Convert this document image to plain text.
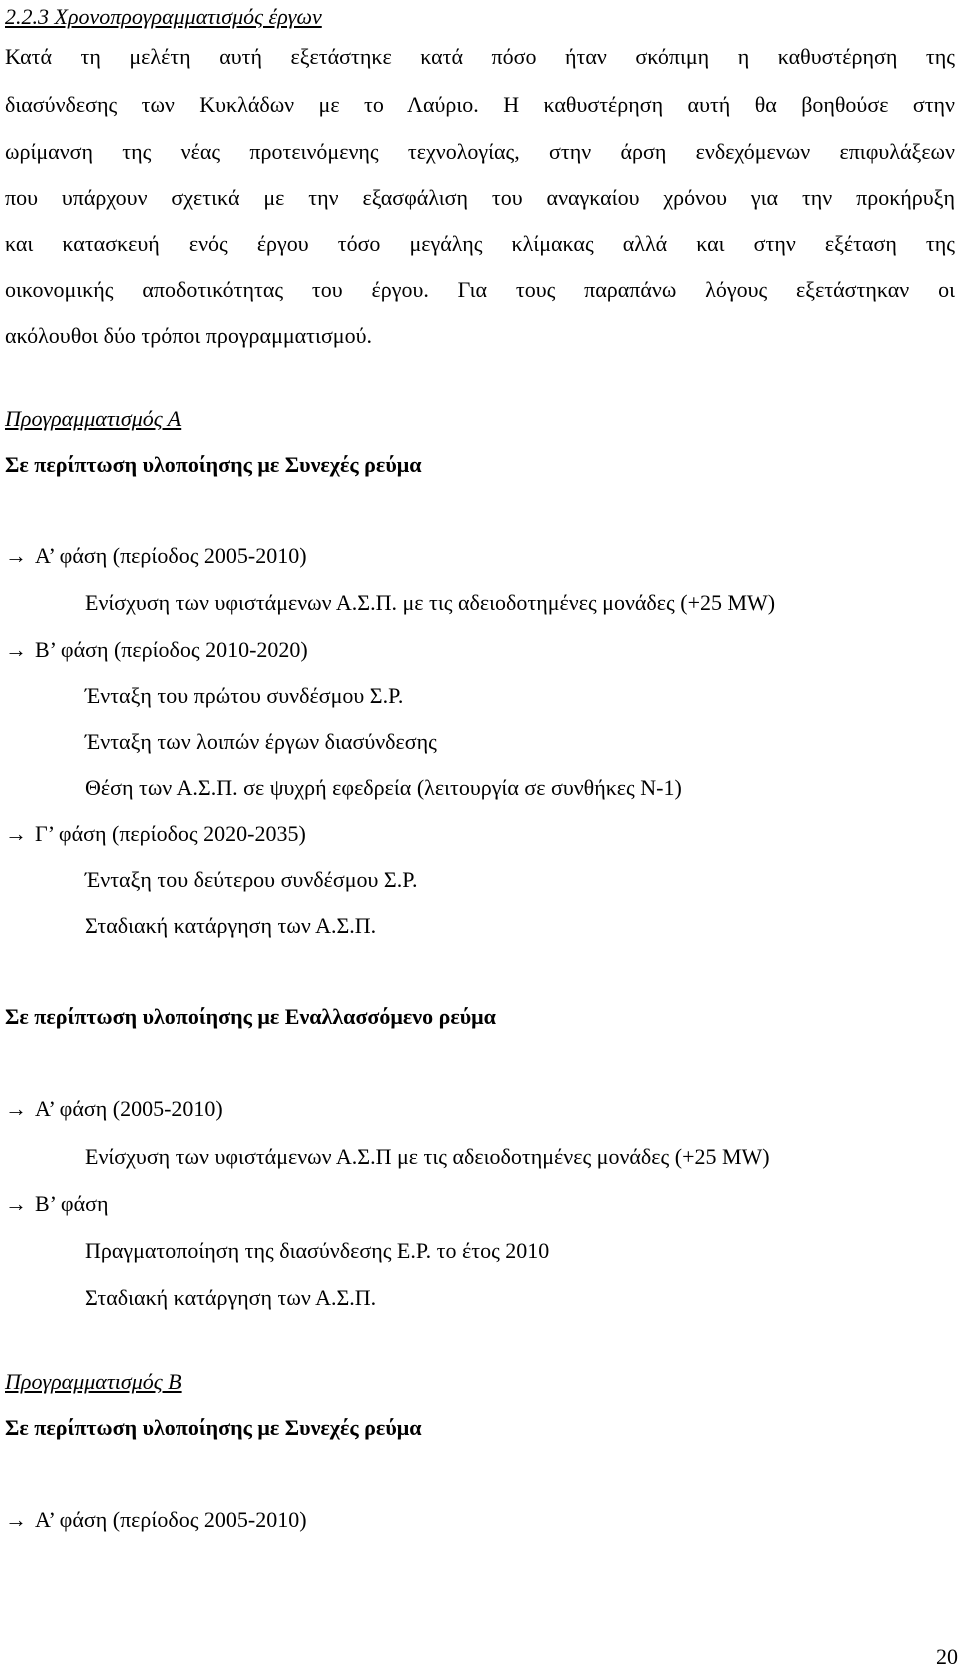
2.2.3 Χρονοπρογραμματισμός έργων
Κατά τη μελέτη αυτή εξετάστηκε κατά πόσο ήταν σκόπιμη η καθυστέρηση της
διασύνδεσης των Κυκλάδων με το Λαύριο. Η καθυστέρηση αυτή θα βοηθούσε στην
ωρίμανση της νέας προτεινόμενης τεχνολογίας, στην άρση ενδεχόμενων επιφυλάξεων
που υπάρχουν σχετικά με την εξασφάλιση του αναγκαίου χρόνου για την προκήρυξη
και κατασκευή ενός έργου τόσο μεγάλης κλίμακας αλλά και στην εξέταση της
οικονομικής αποδοτικότητας του έργου. Για τους παραπάνω λόγους εξετάστηκαν οι
ακόλουθοι δύο τρόποι προγραμματισμού.
Προγραμματισμός Α
Σε περίπτωση υλοποίησης με Συνεχές ρεύμα
→ Α’ φάση (περίοδος 2005-2010)
Ενίσχυση των υφιστάμενων Α.Σ.Π. με τις αδειοδοτημένες μονάδες (+25 MW)
→ Β’ φάση (περίοδος 2010-2020)
Ένταξη του πρώτου συνδέσμου Σ.Ρ.
Ένταξη των λοιπών έργων διασύνδεσης
Θέση των Α.Σ.Π. σε ψυχρή εφεδρεία (λειτουργία σε συνθήκες Ν-1)
→ Γ’ φάση (περίοδος 2020-2035)
Ένταξη του δεύτερου συνδέσμου Σ.Ρ.
Σταδιακή κατάργηση των Α.Σ.Π.
Σε περίπτωση υλοποίησης με Εναλλασσόμενο ρεύμα
→ Α’ φάση (2005-2010)
Ενίσχυση των υφιστάμενων Α.Σ.Π με τις αδειοδοτημένες μονάδες (+25 MW)
→ Β’ φάση
Πραγματοποίηση της διασύνδεσης Ε.Ρ. το έτος 2010
Σταδιακή κατάργηση των Α.Σ.Π.
Προγραμματισμός Β
Σε περίπτωση υλοποίησης με Συνεχές ρεύμα
→ Α’ φάση (περίοδος 2005-2010)
20
